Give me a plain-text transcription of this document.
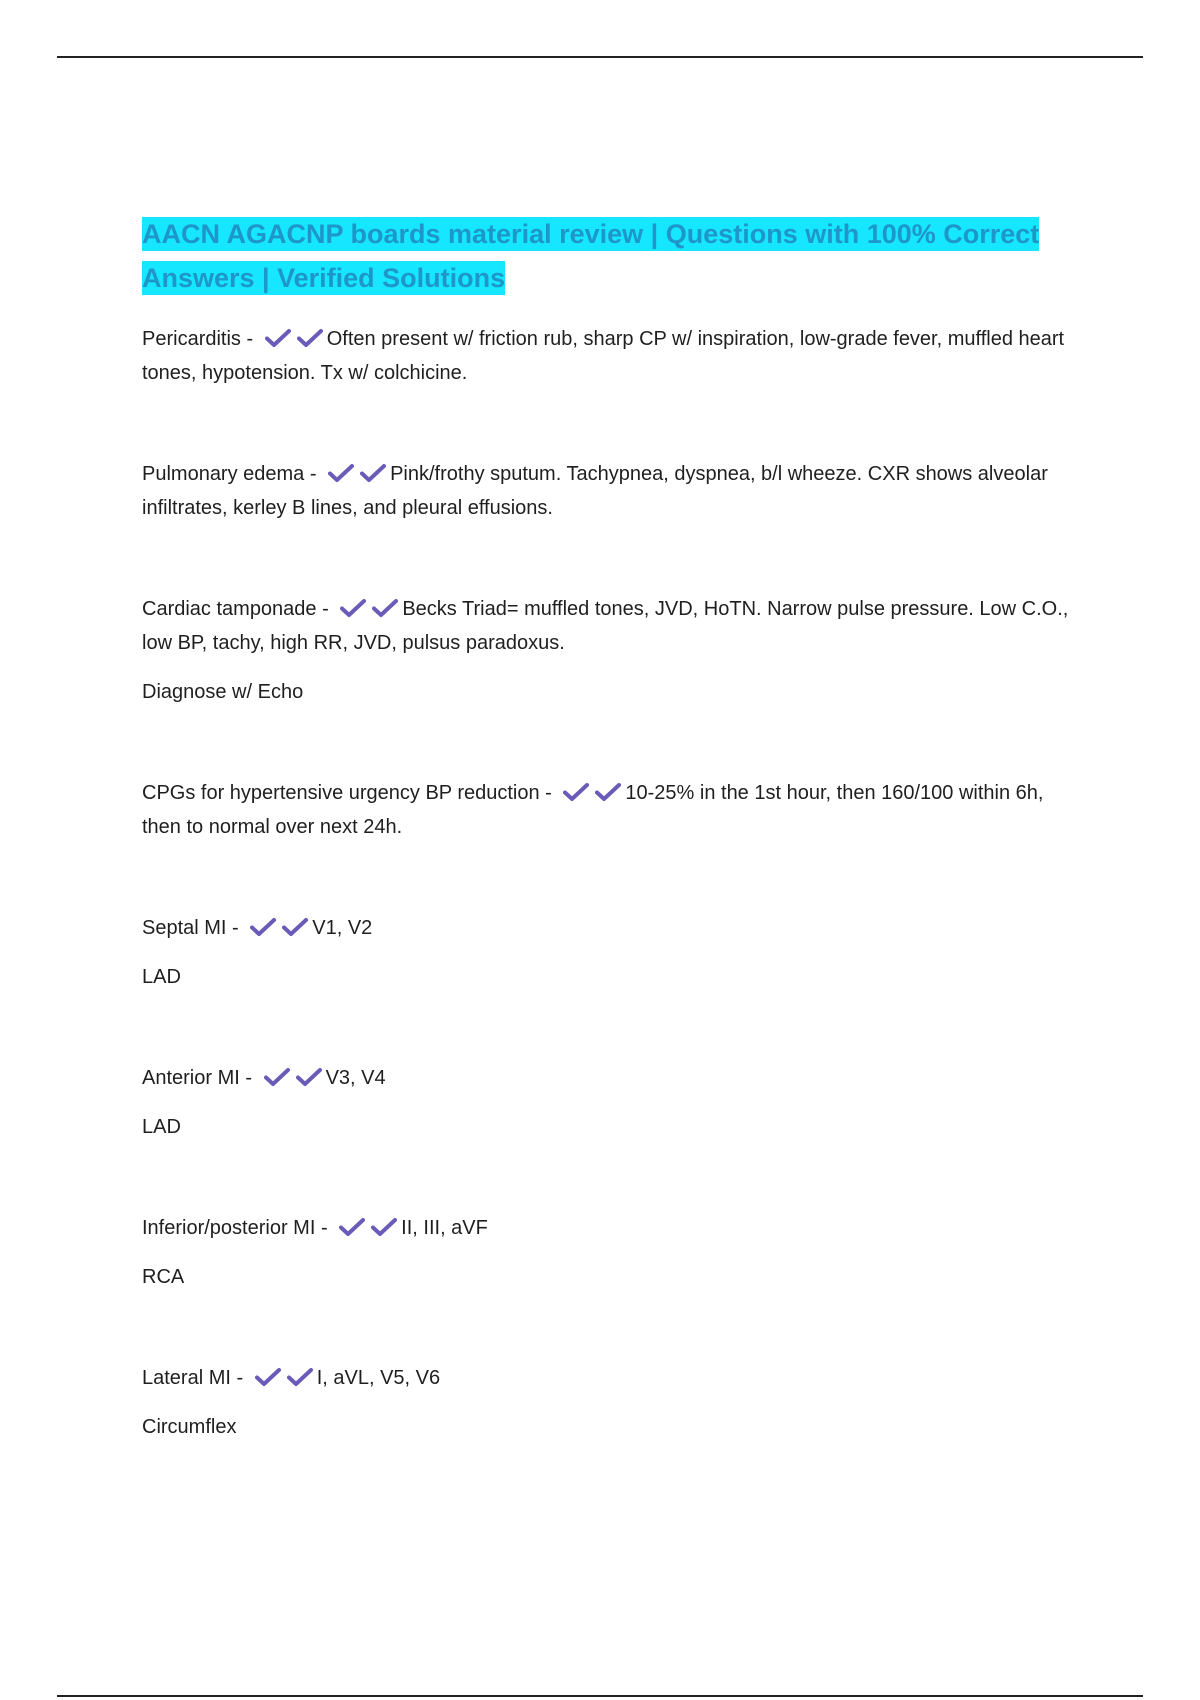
AACN AGACNP boards material review | Questions with 100% Correct Answers | Verified Solutions

Pericarditis -	Often present w/ friction rub, sharp CP w/ inspiration, low-grade fever, muffled heart tones, hypotension. Tx w/ colchicine.

Pulmonary edema -	Pink/frothy sputum. Tachypnea, dyspnea, b/l wheeze. CXR shows alveolar infiltrates, kerley B lines, and pleural effusions.

Cardiac tamponade -	Becks Triad= muffled tones, JVD, HoTN. Narrow pulse pressure. Low C.O., low BP, tachy, high RR, JVD, pulsus paradoxus.

Diagnose w/ Echo

CPGs for hypertensive urgency BP reduction -	10-25% in the 1st hour, then 160/100 within 6h, then to normal over next 24h.

Septal MI -	V1, V2

LAD

Anterior MI -	V3, V4

LAD

Inferior/posterior MI -	II, III, aVF

RCA

Lateral MI -	I, aVL, V5, V6

Circumflex
